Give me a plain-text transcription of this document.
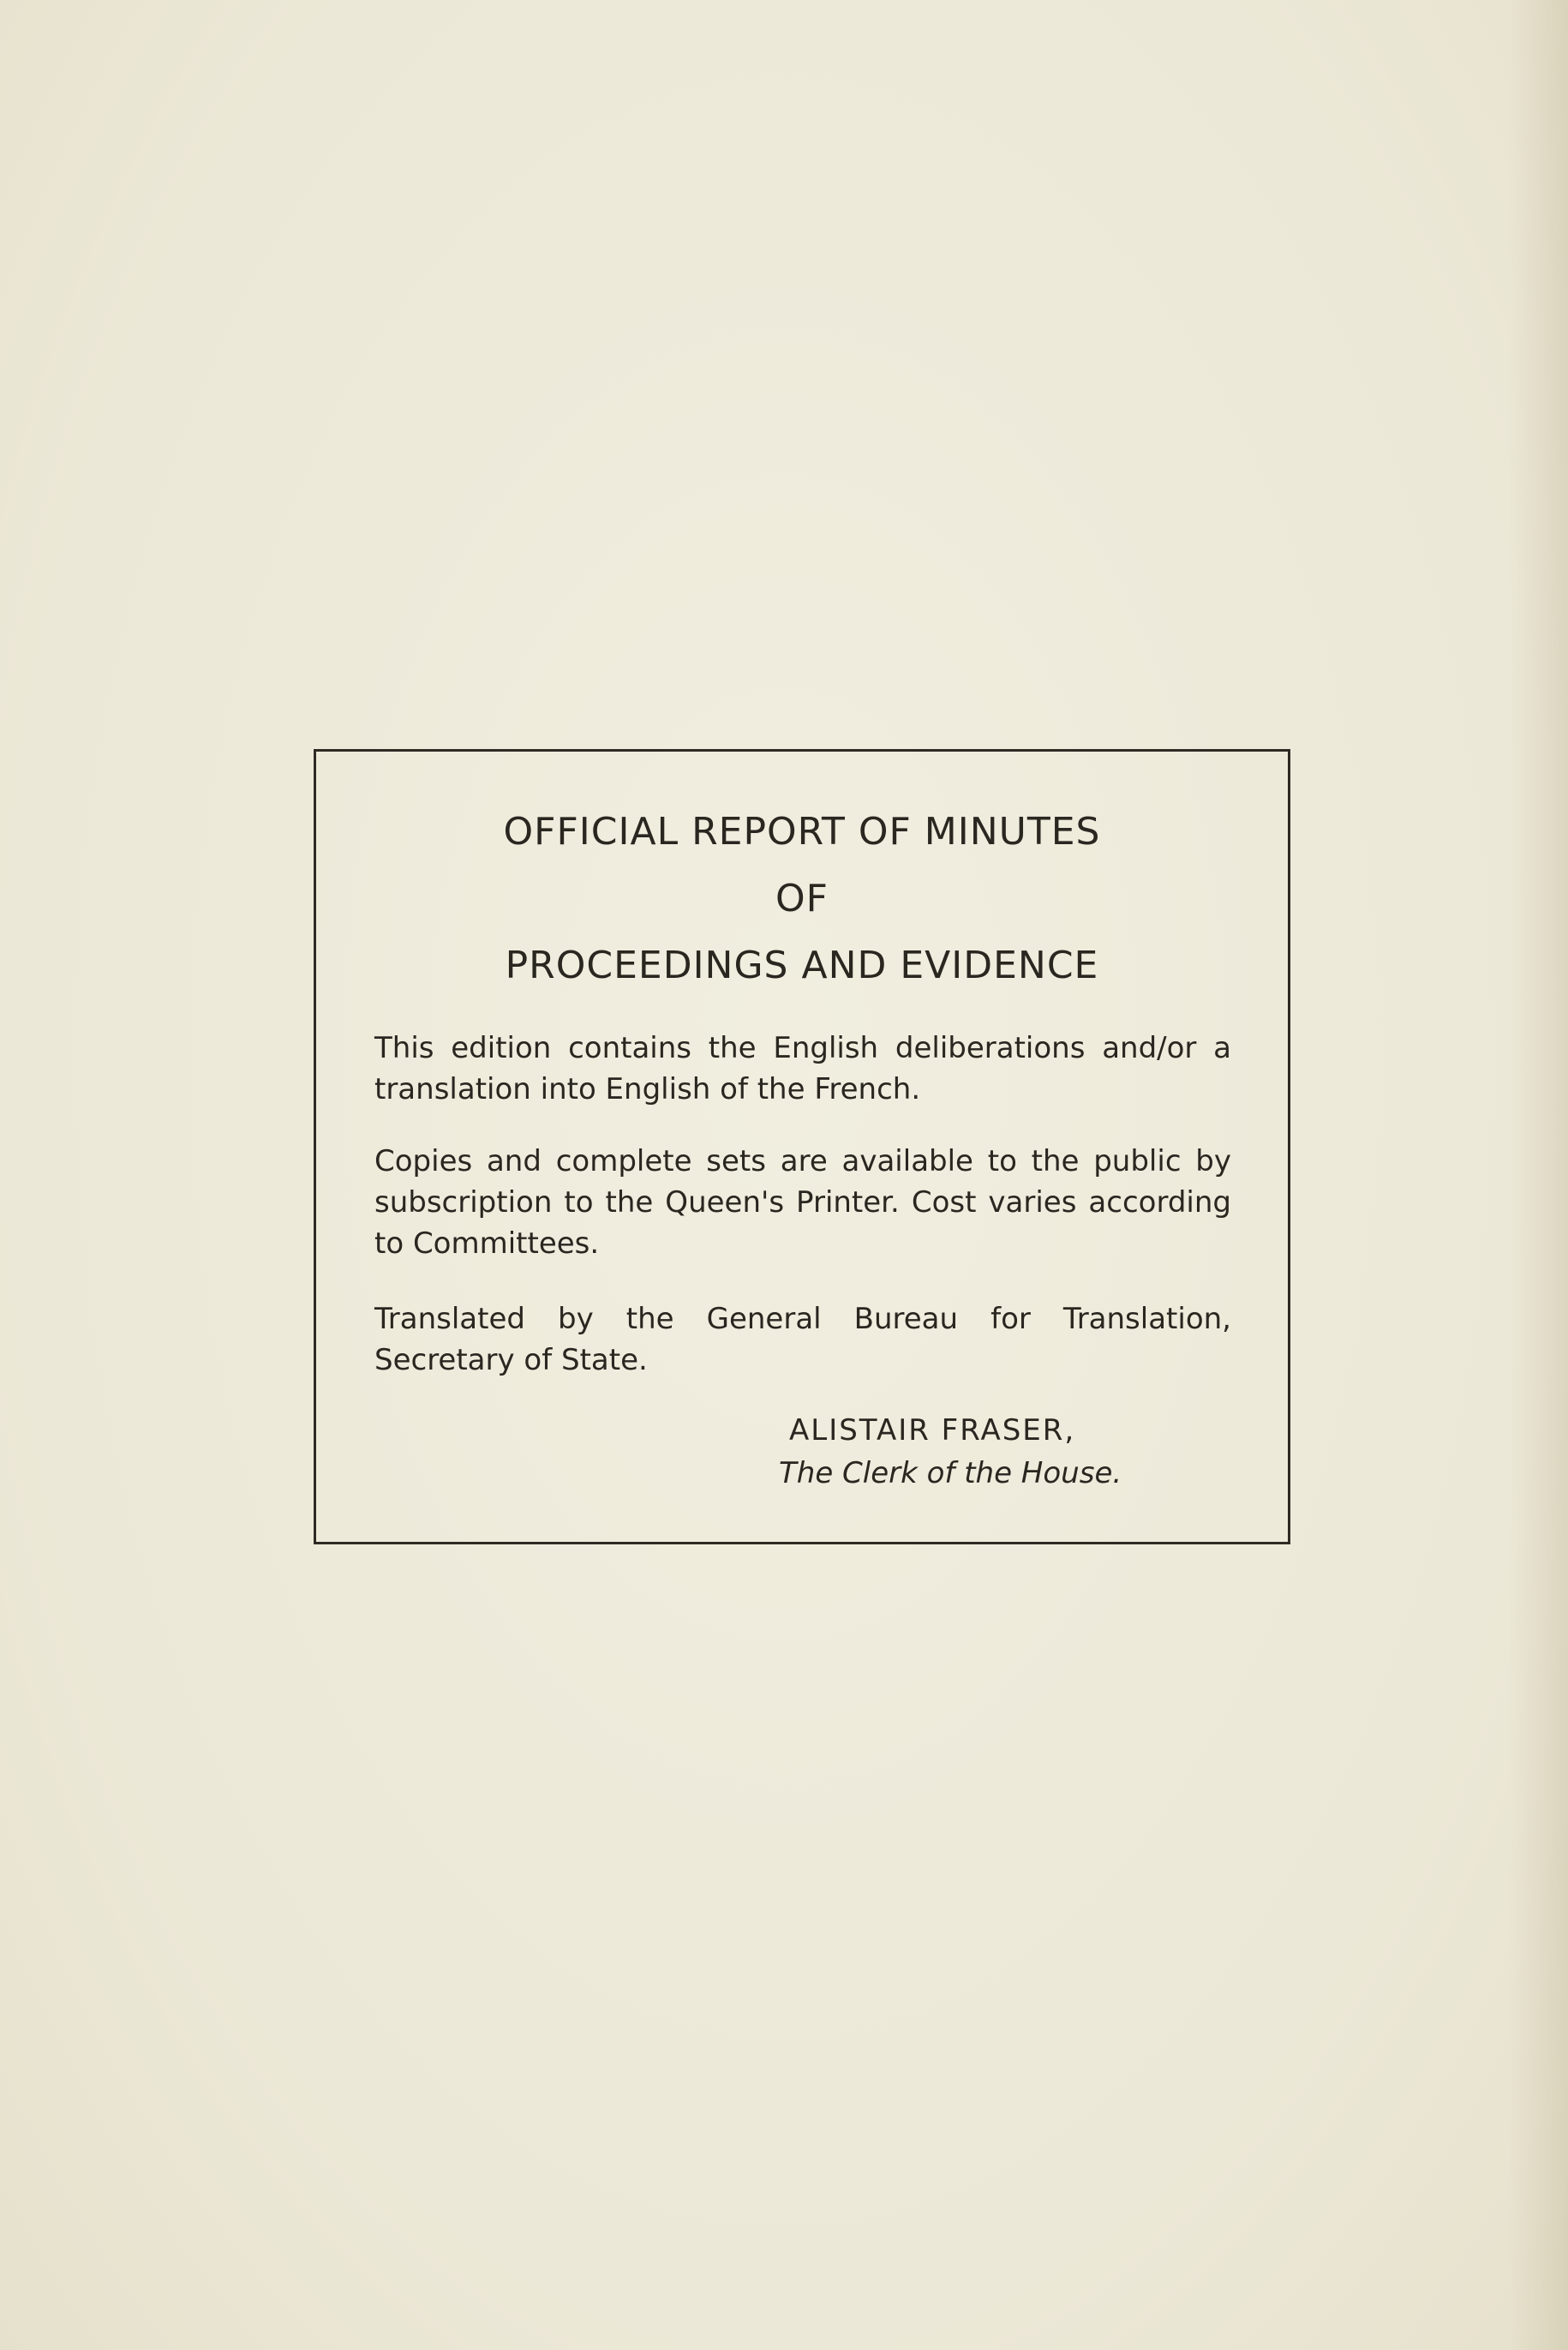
OFFICIAL REPORT OF MINUTES
OF
PROCEEDINGS AND EVIDENCE

This edition contains the English deliberations and/or a translation into English of the French.

Copies and complete sets are available to the public by subscription to the Queen's Printer. Cost varies according to Committees.

Translated by the General Bureau for Translation, Secretary of State.

ALISTAIR FRASER,

The Clerk of the House.
